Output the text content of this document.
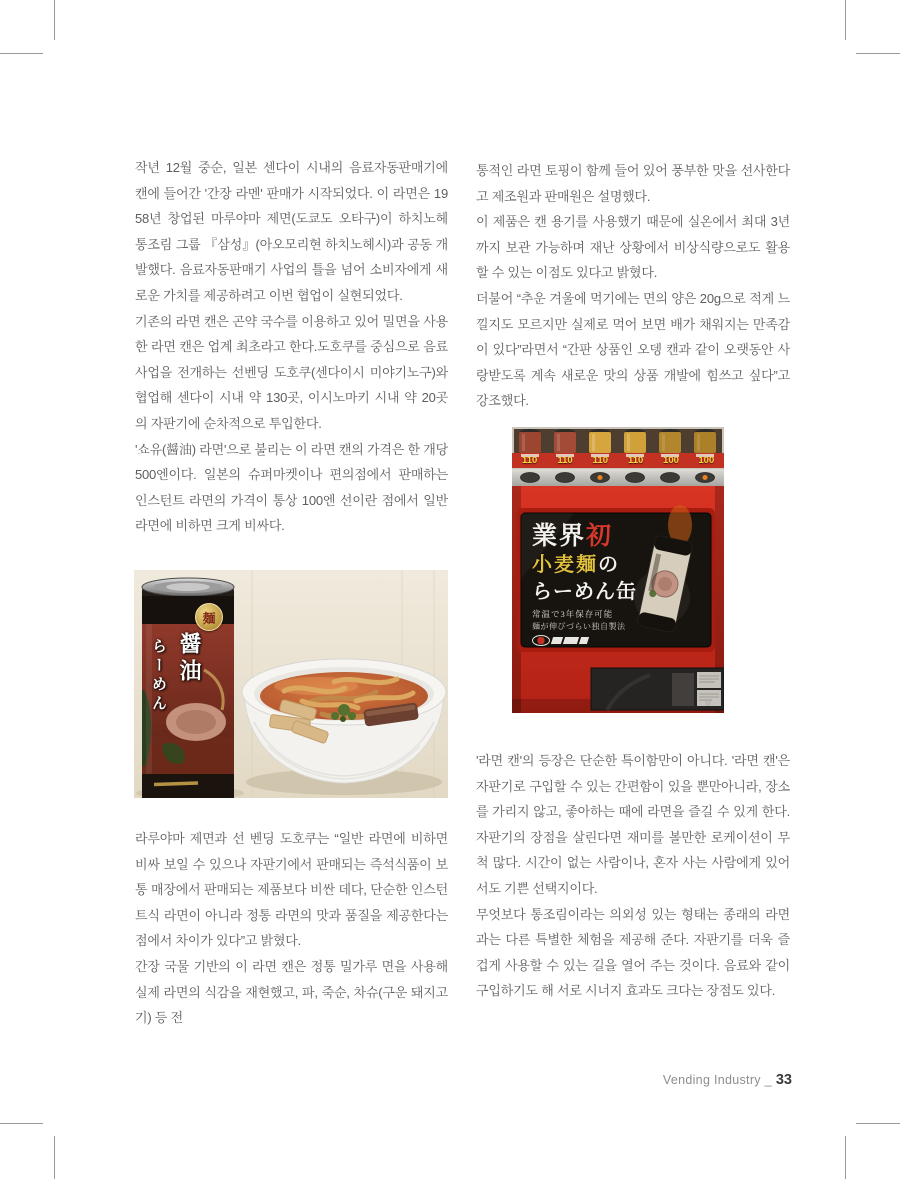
작년 12월 중순, 일본 센다이 시내의 음료자동판매기에 캔에 들어간 '간장 라멘' 판매가 시작되었다. 이 라면은 1958년 창업된 마루야마 제면(도쿄도 오타구)이 하치노헤 통조림 그룹 『삼성』(아오모리현 하치노헤시)과 공동 개발했다. 음료자동판매기 사업의 틀을 넘어 소비자에게 새로운 가치를 제공하려고 이번 협업이 실현되었다.

기존의 라면 캔은 곤약 국수를 이용하고 있어 밀면을 사용한 라면 캔은 업계 최초라고 한다.도호쿠를 중심으로 음료사업을 전개하는 선벤딩 도호쿠(센다이시 미야기노구)와 협업해 센다이 시내 약 130곳, 이시노마키 시내 약 20곳의 자판기에 순차적으로 투입한다.

'쇼유(醤油) 라면'으로 불리는 이 라면 캔의 가격은 한 개당 500엔이다. 일본의 슈퍼마켓이나 편의점에서 판매하는 인스턴트 라면의 가격이 통상 100엔 선이란 점에서 일반 라면에 비하면 크게 비싸다.

らーめん 醤油
麺

라루야마 제면과 선 벤딩 도호쿠는 “일반 라면에 비하면 비싸 보일 수 있으나 자판기에서 판매되는 즉석식품이 보통 매장에서 판매되는 제품보다 비싼 데다, 단순한 인스턴트식 라면이 아니라 정통 라면의 맛과 품질을 제공한다는 점에서 차이가 있다”고 밝혔다.

간장 국물 기반의 이 라면 캔은 정통 밀가루 면을 사용해 실제 라면의 식감을 재현했고, 파, 죽순, 차슈(구운 돼지고기) 등 전

통적인 라면 토핑이 함께 들어 있어 풍부한 맛을 선사한다고 제조원과 판매원은 설명했다.

이 제품은 캔 용기를 사용했기 때문에 실온에서 최대 3년까지 보관 가능하며 재난 상황에서 비상식량으로도 활용할 수 있는 이점도 있다고 밝혔다.

더불어 “추운 겨울에 먹기에는 면의 양은 20g으로 적게 느낄지도 모르지만 실제로 먹어 보면 배가 채워지는 만족감이 있다”라면서 “간판 상품인 오뎅 캔과 같이 오랫동안 사랑받도록 계속 새로운 맛의 상품 개발에 힘쓰고 싶다”고 강조했다.

110	110	110	110	100	100
業界初
小麦麺の
らーめん缶
常温で3年保存可能
麺が伸びづらい独自製法

'라면 캔'의 등장은 단순한 특이함만이 아니다. '라면 캔'은 자판기로 구입할 수 있는 간편함이 있을 뿐만아니라, 장소를 가리지 않고, 좋아하는 때에 라면을 즐길 수 있게 한다. 자판기의 장점을 살린다면 재미를 볼만한 로케이션이 무척 많다. 시간이 없는 사람이나, 혼자 사는 사람에게 있어서도 기쁜 선택지이다.

무엇보다 통조림이라는 의외성 있는 형태는 종래의 라면과는 다른 특별한 체험을 제공해 준다. 자판기를 더욱 즐겁게 사용할 수 있는 길을 열어 주는 것이다. 음료와 같이 구입하기도 해 서로 시너지 효과도 크다는 장점도 있다.

Vending Industry _ 33
